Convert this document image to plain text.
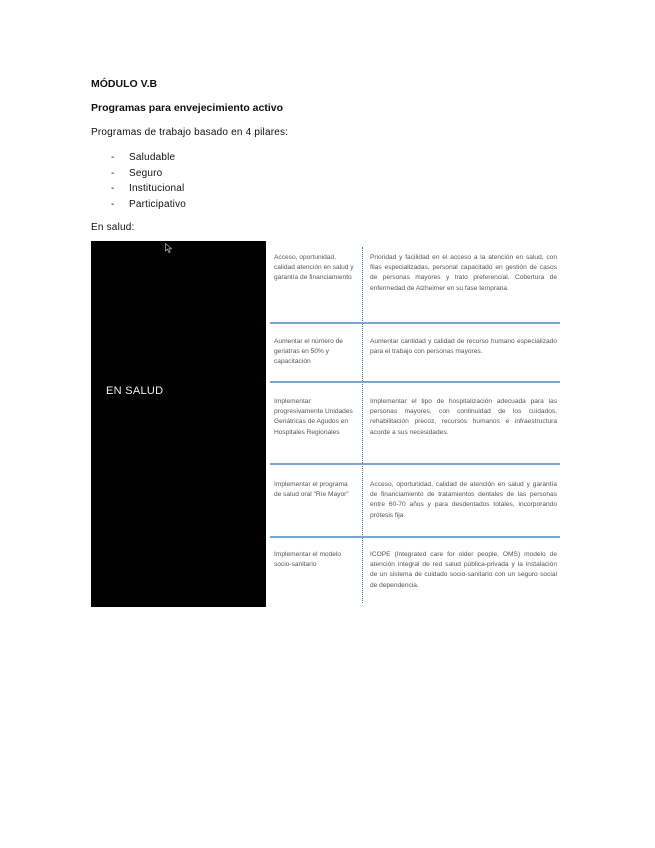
MÓDULO V.B

Programas para envejecimiento activo

Programas de trabajo basado en 4 pilares:

- Saludable
- Seguro
- Institucional
- Participativo

En salud:

EN SALUD
Acceso, oportunidad, calidad atención en salud y garantía de financiamiento
Prioridad y facilidad en el acceso a la atención en salud, con filas especializadas, personal capacitado en gestión de casos de personas mayores y trato preferencial. Cobertura de enfermedad de Alzheimer en su fase temprana.
Aumentar el número de geriatras en 50% y capacitación
Aumentar cantidad y calidad de recurso humano especializado para el trabajo con personas mayores.
Implementar progresivamente Unidades Geriátricas de Agudos en Hospitales Regionales
Implementar el tipo de hospitalización adecuada para las personas mayores, con continuidad de los cuidados, rehabilitación precoz, recursos humanos e infraestructura acorde a sus necesidades.
Implementar el programa de salud oral "Ríe Mayor"
Acceso, oportunidad, calidad de atención en salud y garantía de financiamiento de tratamientos dentales de las personas entre 60-70 años y para desdentados totales, incorporando prótesis fija.
Implementar el modelo socio-sanitario
ICOPE (Integrated care for older people, OMS) modelo de atención integral de red salud pública-privada y la instalación de un sistema de cuidado socio-sanitario con un seguro social de dependencia.
